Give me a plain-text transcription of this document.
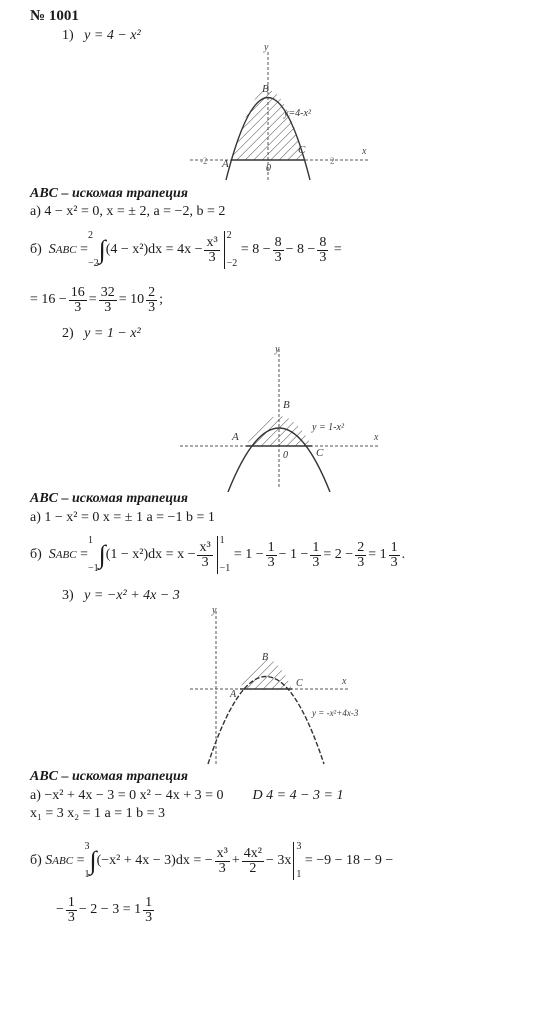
№ 1001
1) y = 4 − x²
x
y
A
B
C
0
y=4-x²
-2	2
ABC – искомая трапеция
а) 4 − x² = 0, x = ± 2, a = −2, b = 2
б)
S ABC
=
2
−2 ∫ $(4 - x^2)dx = 4x - \frac{\text{x³}}{3} 2$
−2

= $8 - \frac{8}{3} - 8 - \frac{8}{3}$
=
= $16 - \frac{16}{3} = \frac{32}{3} = 10 \frac{2}{3}$ ;
2) y = 1 − x²
x
y
A
B
C
0
y = 1-x²
ABC – искомая трапеция
а) 1 − x² = 0 x = ± 1 a = −1 b = 1
б)
S ABC
=
1
−1 ∫ $(1 - x^2)dx = x - \frac{\text{x³}}{3} 1$
−1

= $1 - \frac{1}{3} - 1 - \frac{1}{3} = 2 - \frac{2}{3} = 1 \frac{1}{3}$ .
3) y = −x² + 4x − 3
x
y
A
B
C
y = -x²+4x-3
ABC – искомая трапеция
а) −x² + 4x − 3 = 0 x² − 4x + 3 = 0 D 4 = 4 − 3 = 1
x₁ = 3 x₂ = 1 a = 1 b = 3
б)
S ABC
=
3
1 ∫ (−x² + 4x − 3)dx = − $\frac{\text{x³}}{3} + \frac{\text{4x²}}{2} - 3x$
3
1

= −9 − 18 − 9 −
− $\frac{1}{3} - 2 - 3 = 1 \frac{1}{3}$
